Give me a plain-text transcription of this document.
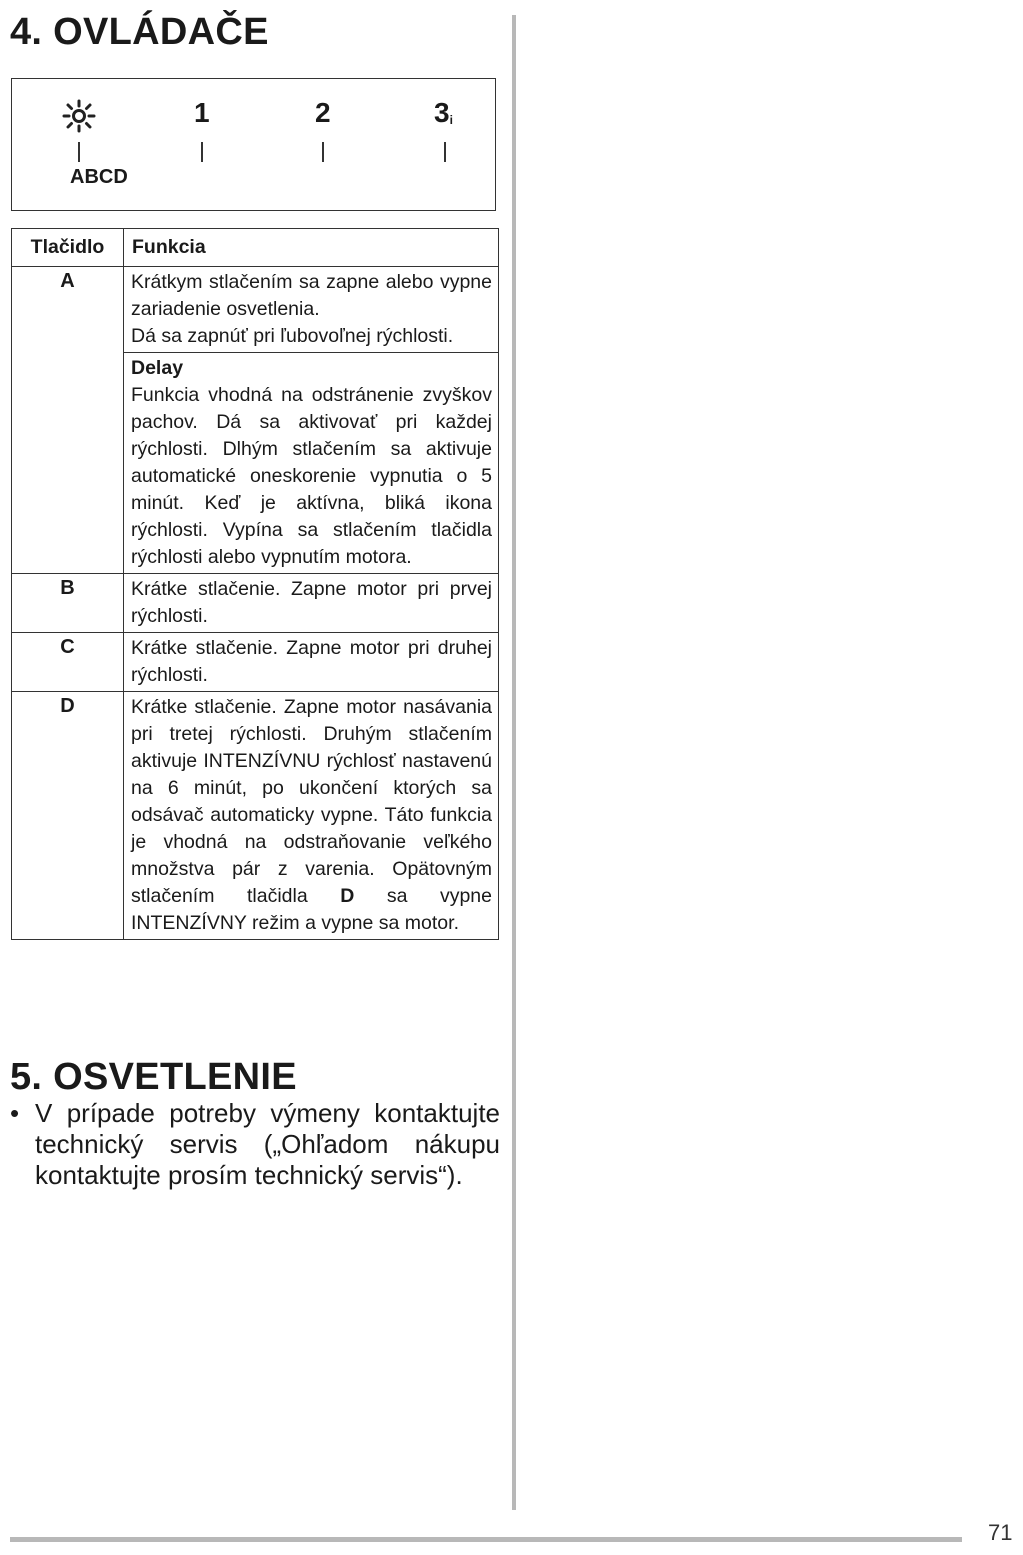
4. OVLÁDAČE
1	2	$3_i$
ABCD
Tlačidlo	Funkcia
A	Krátkym stlačením sa zapne alebo vypne zariadenie osvetlenia.
Dá sa zapnúť pri ľubovoľnej rýchlosti.

	Delay
Funkcia vhodná na odstránenie zvyškov pachov. Dá sa aktivovať pri každej rýchlosti. Dlhým stlačením sa aktivuje automatické oneskorenie vypnutia o 5 minút. Keď je aktívna, bliká ikona rýchlosti. Vypína sa stlačením tlačidla rýchlosti alebo vypnutím motora.
B	Krátke stlačenie. Zapne motor pri prvej rýchlosti.
C	Krátke stlačenie. Zapne motor pri druhej rýchlosti.
D	Krátke stlačenie. Zapne motor nasávania pri tretej rýchlosti. Druhým stlačením aktivuje INTENZÍVNU rýchlosť nastavenú na 6 minút, po ukončení ktorých sa odsávač automaticky vypne. Táto funkcia je vhodná na odstraňovanie veľkého množstva pár z varenia. Opätovným stlačením tlačidla D sa vypne INTENZÍVNY režim a vypne sa motor.
5. OSVETLENIE
• V prípade potreby výmeny kontaktujte technický servis („Ohľadom nákupu kontaktujte prosím technický servis“).
71
